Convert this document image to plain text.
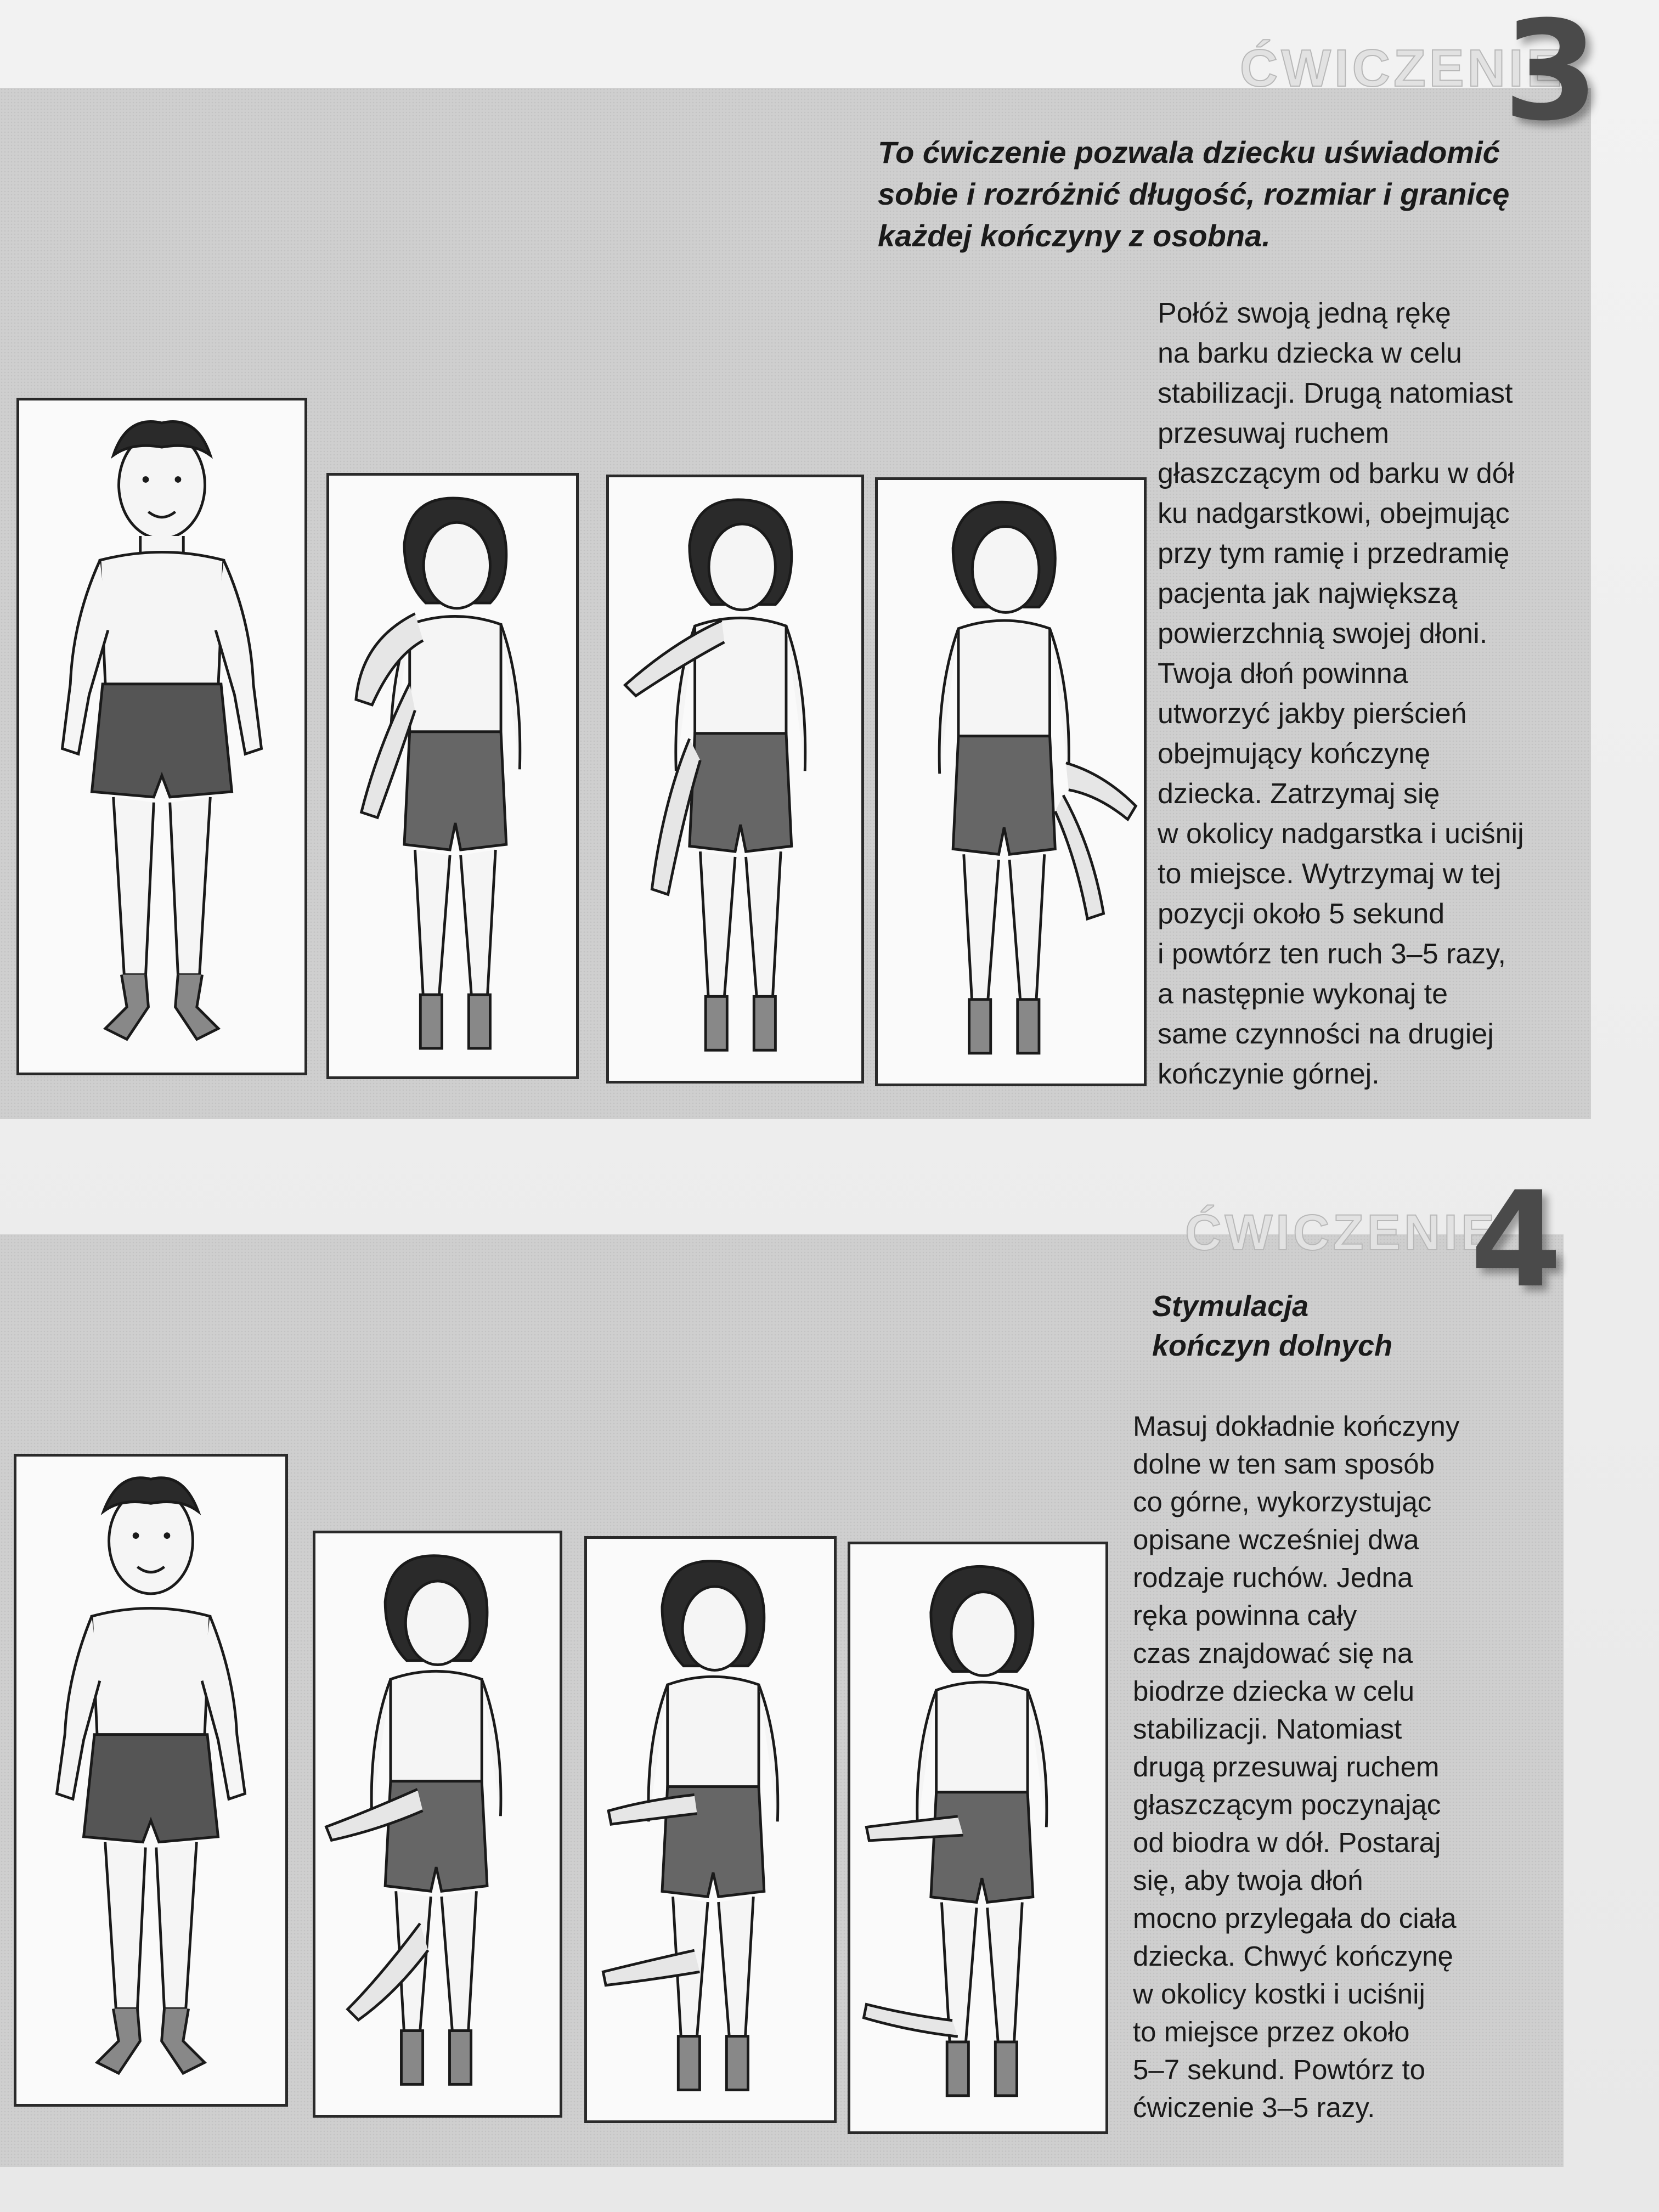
ĆWICZENIE
3

To ćwiczenie pozwala dziecku uświadomić
sobie i rozróżnić długość, rozmiar i granicę
każdej kończyny z osobna.

Połóż swoją jedną rękę
na barku dziecka w celu
stabilizacji. Drugą natomiast
przesuwaj ruchem
głaszczącym od barku w dół
ku nadgarstkowi, obejmując
przy tym ramię i przedramię
pacjenta jak największą
powierzchnią swojej dłoni.
Twoja dłoń powinna
utworzyć jakby pierścień
obejmujący kończynę
dziecka. Zatrzymaj się
w okolicy nadgarstka i uciśnij
to miejsce. Wytrzymaj w tej
pozycji około 5 sekund
i powtórz ten ruch 3–5 razy,
a następnie wykonaj te
same czynności na drugiej
kończynie górnej.

ĆWICZENIE
4

Stymulacja
kończyn dolnych

Masuj dokładnie kończyny
dolne w ten sam sposób
co górne, wykorzystując
opisane wcześniej dwa
rodzaje ruchów. Jedna
ręka powinna cały
czas znajdować się na
biodrze dziecka w celu
stabilizacji. Natomiast
drugą przesuwaj ruchem
głaszczącym poczynając
od biodra w dół. Postaraj
się, aby twoja dłoń
mocno przylegała do ciała
dziecka. Chwyć kończynę
w okolicy kostki i uciśnij
to miejsce przez około
5–7 sekund. Powtórz to
ćwiczenie 3–5 razy.
